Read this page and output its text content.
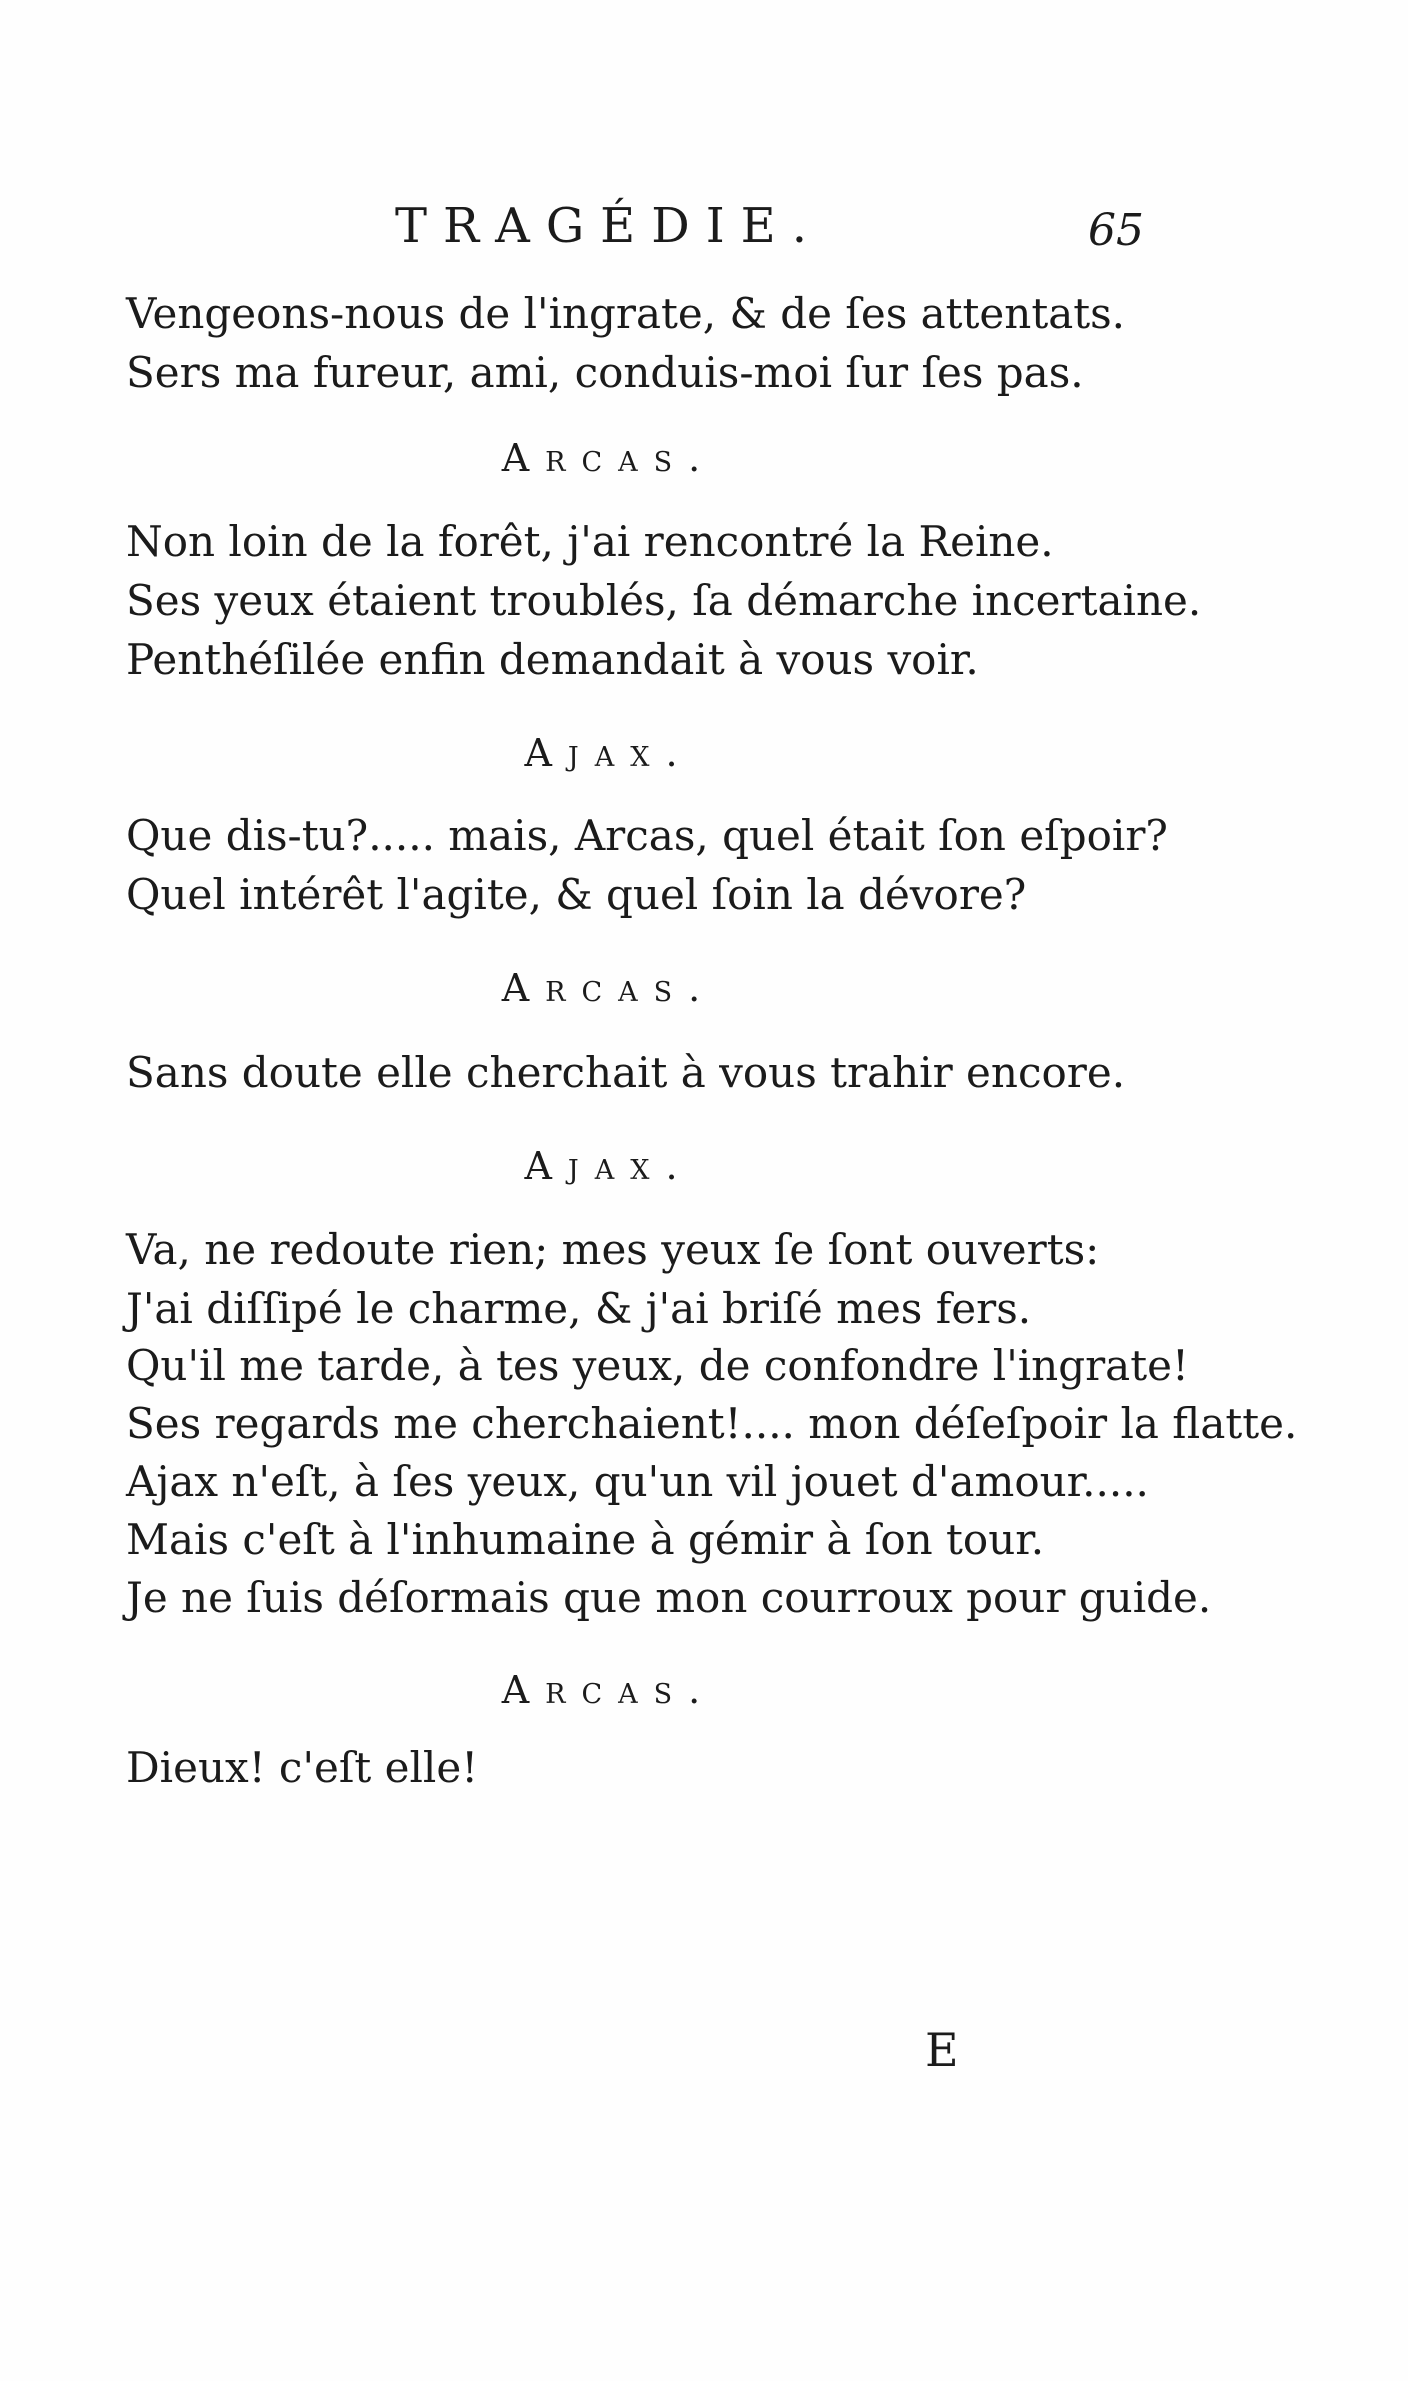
TRAGÉDIE.	65
Vengeons-nous de l'ingrate, & de ſes attentats.
Sers ma fureur, ami, conduis-moi ſur ſes pas.
Arcas.
Non loin de la forêt, j'ai rencontré la Reine.
Ses yeux étaient troublés, ſa démarche incertaine.
Penthéſilée enfin demandait à vous voir.
Ajax.
Que dis-tu?..... mais, Arcas, quel était ſon eſpoir?
Quel intérêt l'agite, & quel ſoin la dévore?
Arcas.
Sans doute elle cherchait à vous trahir encore.
Ajax.
Va, ne redoute rien; mes yeux ſe ſont ouverts:
J'ai diſſipé le charme, & j'ai briſé mes fers.
Qu'il me tarde, à tes yeux, de confondre l'ingrate!
Ses regards me cherchaient!.... mon déſeſpoir la flatte.
Ajax n'eſt, à ſes yeux, qu'un vil jouet d'amour.....
Mais c'eſt à l'inhumaine à gémir à ſon tour.
Je ne ſuis déſormais que mon courroux pour guide.
Arcas.
Dieux! c'eſt elle!
E
